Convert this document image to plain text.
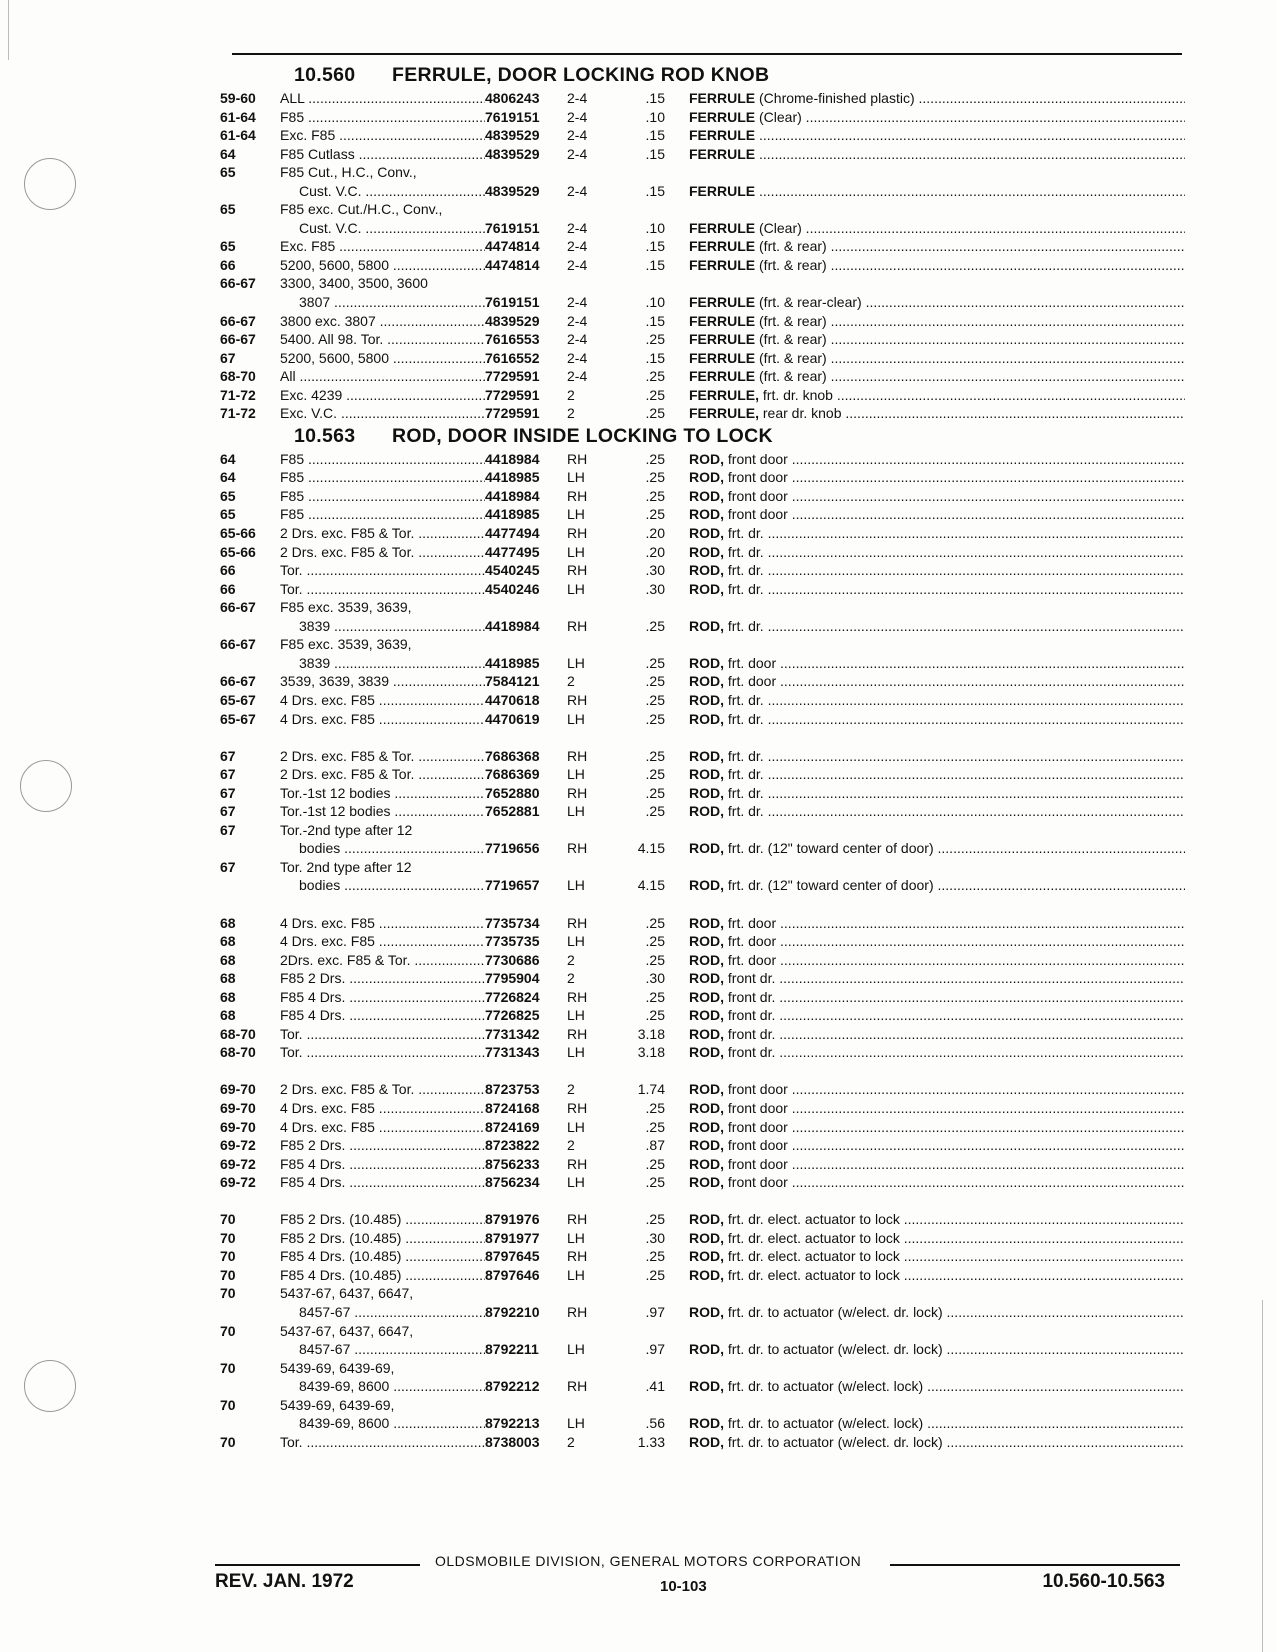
10.560 FERRULE, DOOR LOCKING ROD KNOB
59-60	ALL .....	4806243	2-4	.15 FERRULE (Chrome-finished plastic) .....
61-64	F85 .....	7619151	2-4	.10 FERRULE (Clear) .....
61-64	Exc. F85 .....	4839529	2-4	.15 FERRULE .....
64	F85 Cutlass .....	4839529	2-4	.15 FERRULE .....
65	F85 Cut., H.C., Conv.,
Cust. V.C. .....	4839529	2-4	.15 FERRULE .....
65	F85 exc. Cut./H.C., Conv.,
Cust. V.C. .....	7619151	2-4	.10 FERRULE (Clear) .....
65	Exc. F85 .....	4474814	2-4	.15 FERRULE (frt. & rear) .....
66	5200, 5600, 5800 .....	4474814	2-4	.15 FERRULE (frt. & rear) .....
66-67	3300, 3400, 3500, 3600
3807 .....	7619151	2-4	.10 FERRULE (frt. & rear-clear) .....
66-67	3800 exc. 3807 .....	4839529	2-4	.15 FERRULE (frt. & rear) .....
66-67	5400. All 98. Tor. .....	7616553	2-4	.25 FERRULE (frt. & rear) .....
67	5200, 5600, 5800 .....	7616552	2-4	.15 FERRULE (frt. & rear) .....
68-70	All .....	7729591	2-4	.25 FERRULE (frt. & rear) .....
71-72	Exc. 4239 .....	7729591	2	.25 FERRULE, frt. dr. knob .....
71-72	Exc. V.C. .....	7729591	2	.25 FERRULE, rear dr. knob .....
10.563 ROD, DOOR INSIDE LOCKING TO LOCK
64	F85 .....	4418984	RH	.25 ROD, front door .....
64	F85 .....	4418985	LH	.25 ROD, front door .....
65	F85 .....	4418984	RH	.25 ROD, front door .....
65	F85 .....	4418985	LH	.25 ROD, front door .....
65-66	2 Drs. exc. F85 & Tor. .....	4477494	RH	.20 ROD, frt. dr. .....
65-66	2 Drs. exc. F85 & Tor. .....	4477495	LH	.20 ROD, frt. dr. .....
66	Tor. .....	4540245	RH	.30 ROD, frt. dr. .....
66	Tor. .....	4540246	LH	.30 ROD, frt. dr. .....
66-67	F85 exc. 3539, 3639,
3839 .....	4418984	RH	.25 ROD, frt. dr. .....
66-67	F85 exc. 3539, 3639,
3839 .....	4418985	LH	.25 ROD, frt. door .....
66-67	3539, 3639, 3839 .....	7584121	2	.25 ROD, frt. door .....
65-67	4 Drs. exc. F85 .....	4470618	RH	.25 ROD, frt. dr. .....
65-67	4 Drs. exc. F85 .....	4470619	LH	.25 ROD, frt. dr. .....
67	2 Drs. exc. F85 & Tor. .....	7686368	RH	.25 ROD, frt. dr. .....
67	2 Drs. exc. F85 & Tor. .....	7686369	LH	.25 ROD, frt. dr. .....
67	Tor.-1st 12 bodies .....	7652880	RH	.25 ROD, frt. dr. .....
67	Tor.-1st 12 bodies .....	7652881	LH	.25 ROD, frt. dr. .....
67	Tor.-2nd type after 12
bodies .....	7719656	RH	4.15 ROD, frt. dr. (12" toward center of door) .....
67	Tor. 2nd type after 12
bodies .....	7719657	LH	4.15 ROD, frt. dr. (12" toward center of door) .....
68	4 Drs. exc. F85 .....	7735734	RH	.25 ROD, frt. door .....
68	4 Drs. exc. F85 .....	7735735	LH	.25 ROD, frt. door .....
68	2Drs. exc. F85 & Tor. .....	7730686	2	.25 ROD, frt. door .....
68	F85 2 Drs. .....	7795904	2	.30 ROD, front dr. .....
68	F85 4 Drs. .....	7726824	RH	.25 ROD, front dr. .....
68	F85 4 Drs. .....	7726825	LH	.25 ROD, front dr. .....
68-70	Tor. .....	7731342	RH	3.18 ROD, front dr. .....
68-70	Tor. .....	7731343	LH	3.18 ROD, front dr. .....
69-70	2 Drs. exc. F85 & Tor. .....	8723753	2	1.74 ROD, front door .....
69-70	4 Drs. exc. F85 .....	8724168	RH	.25 ROD, front door .....
69-70	4 Drs. exc. F85 .....	8724169	LH	.25 ROD, front door .....
69-72	F85 2 Drs. .....	8723822	2	.87 ROD, front door .....
69-72	F85 4 Drs. .....	8756233	RH	.25 ROD, front door .....
69-72	F85 4 Drs. .....	8756234	LH	.25 ROD, front door .....
70	F85 2 Drs. (10.485) .....	8791976	RH	.25 ROD, frt. dr. elect. actuator to lock .....
70	F85 2 Drs. (10.485) .....	8791977	LH	.30 ROD, frt. dr. elect. actuator to lock .....
70	F85 4 Drs. (10.485) .....	8797645	RH	.25 ROD, frt. dr. elect. actuator to lock .....
70	F85 4 Drs. (10.485) .....	8797646	LH	.25 ROD, frt. dr. elect. actuator to lock .....
70	5437-67, 6437, 6647,
8457-67 .....	8792210	RH	.97 ROD, frt. dr. to actuator (w/elect. dr. lock) .....
70	5437-67, 6437, 6647,
8457-67 .....	8792211	LH	.97 ROD, frt. dr. to actuator (w/elect. dr. lock) .....
70	5439-69, 6439-69,
8439-69, 8600 .....	8792212	RH	.41 ROD, frt. dr. to actuator (w/elect. lock) .....
70	5439-69, 6439-69,
8439-69, 8600 .....	8792213	LH	.56 ROD, frt. dr. to actuator (w/elect. lock) .....
70	Tor. .....	8738003	2	1.33 ROD, frt. dr. to actuator (w/elect. dr. lock) .....
OLDSMOBILE DIVISION, GENERAL MOTORS CORPORATION
REV. JAN. 1972	10-103	10.560-10.563
